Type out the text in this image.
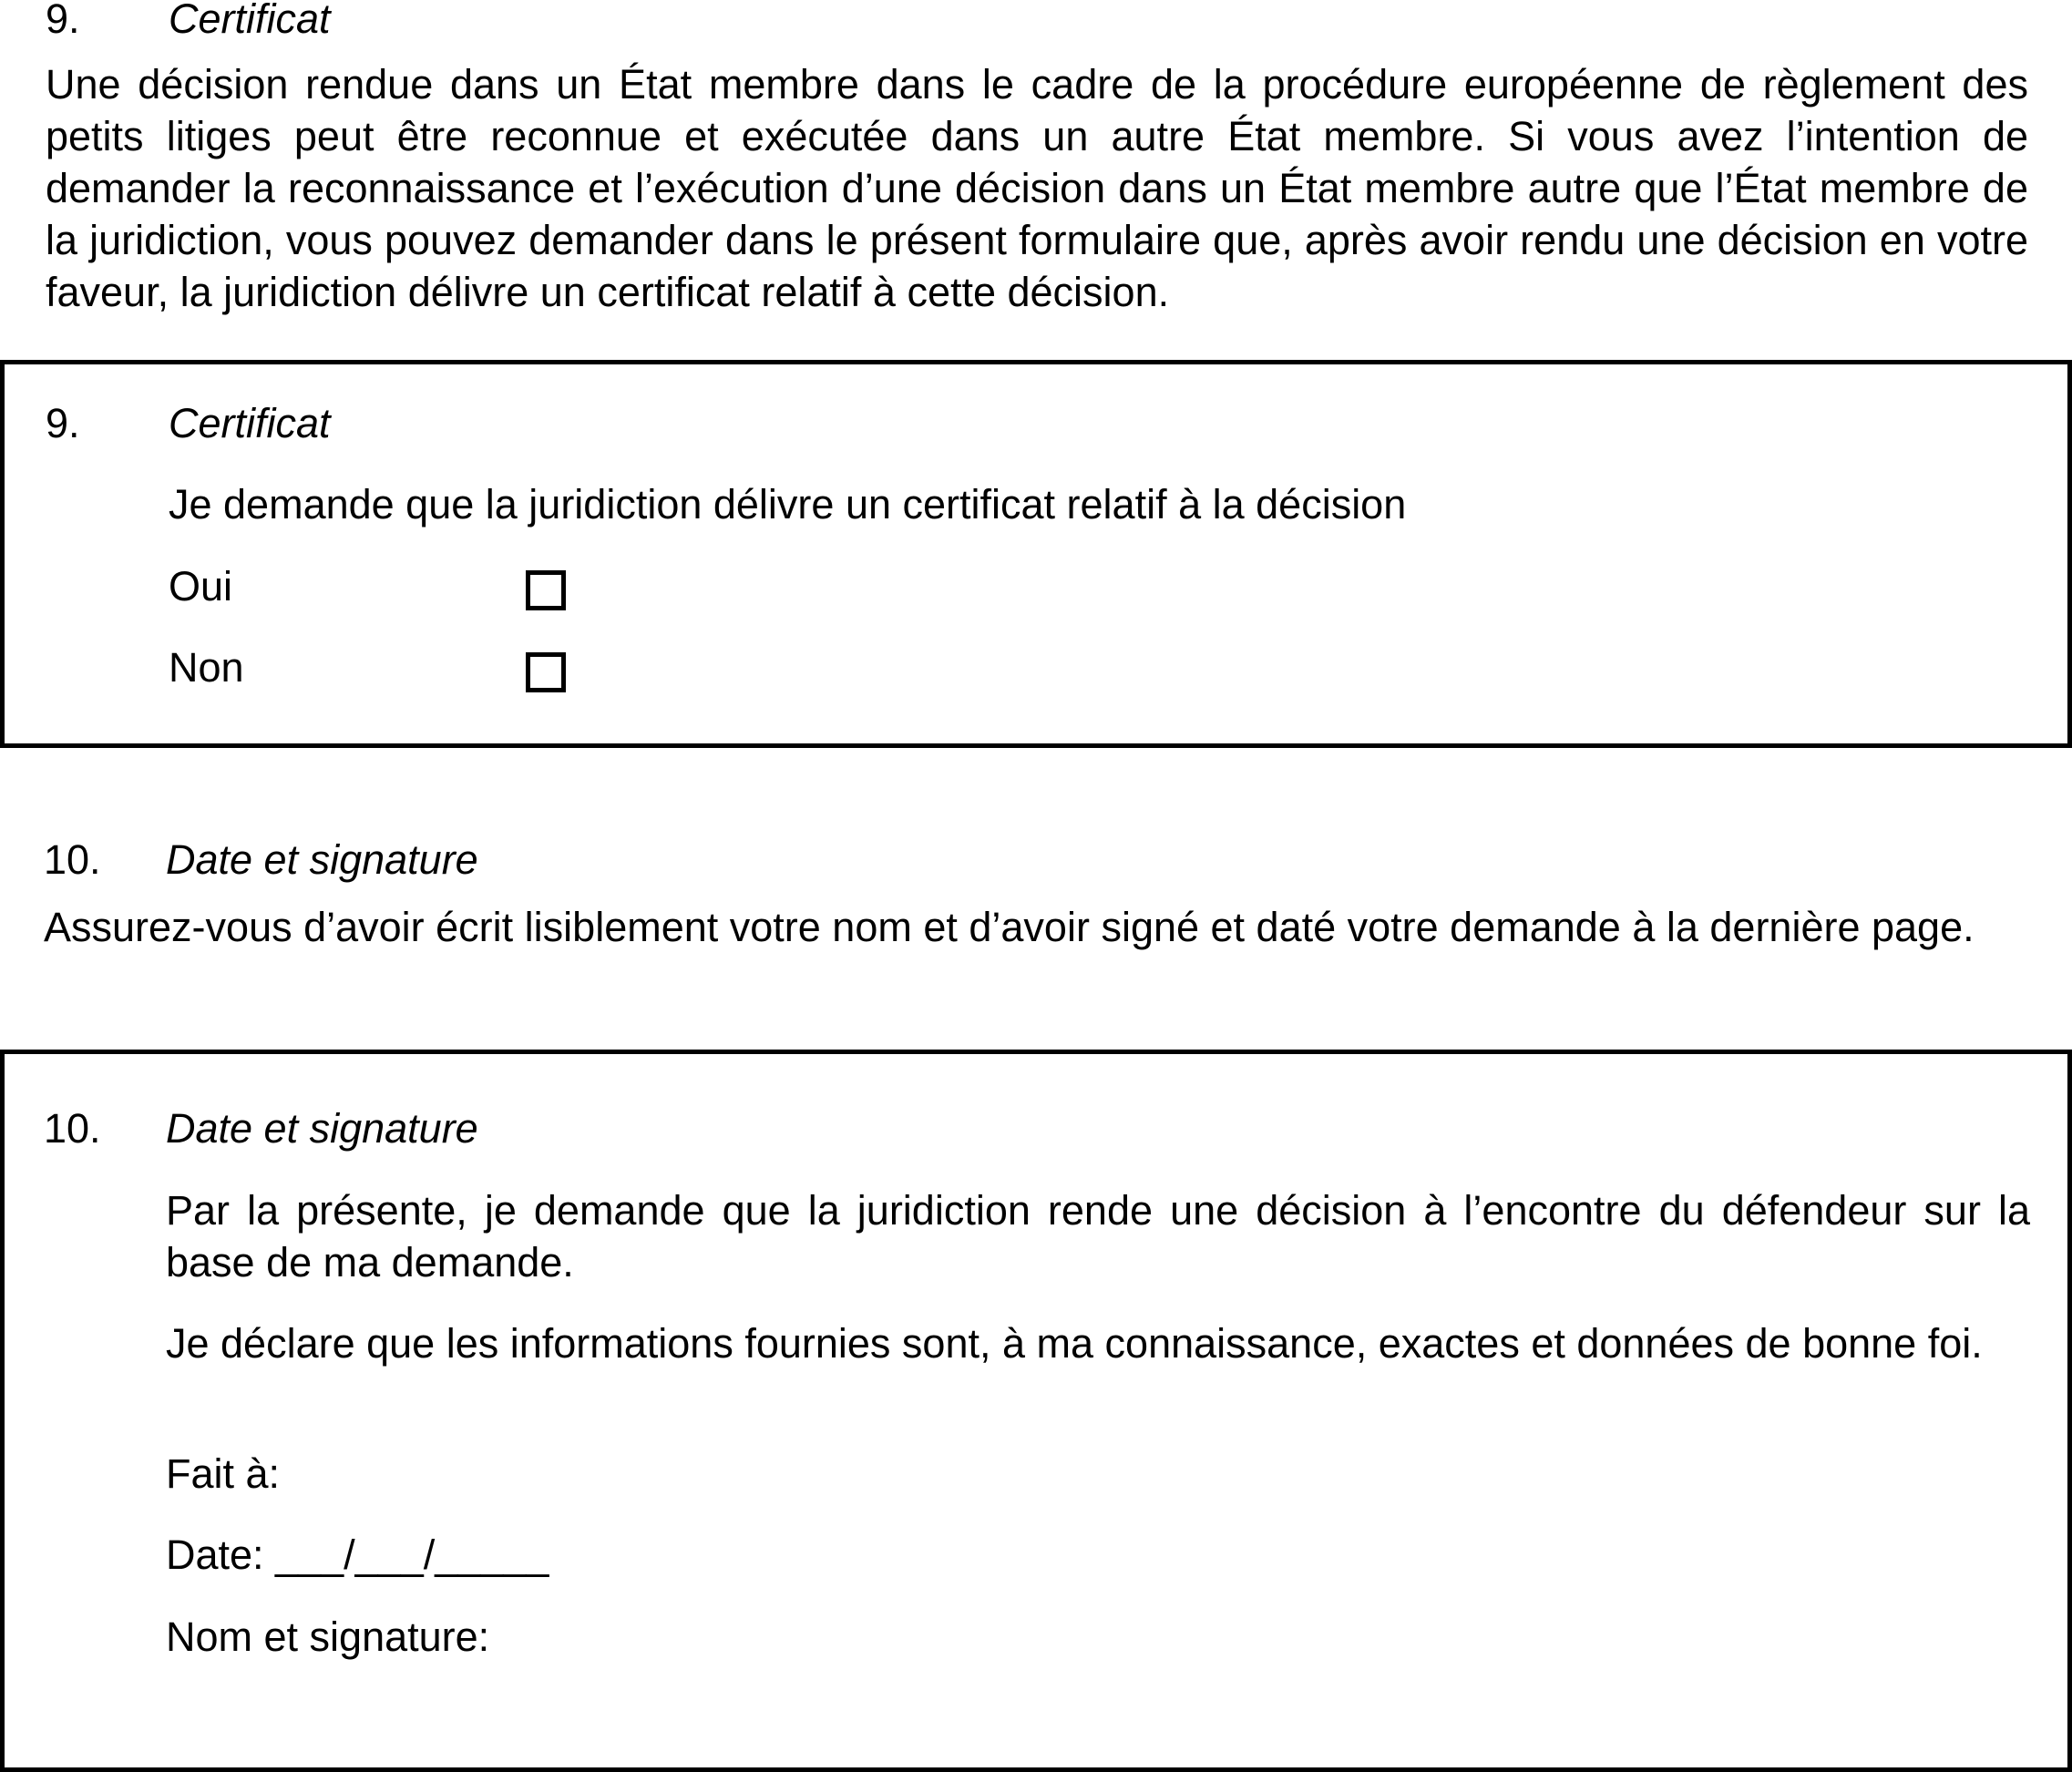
9. Certificat
Une décision rendue dans un État membre dans le cadre de la procédure européenne de règlement des petits litiges peut être reconnue et exécutée dans un autre État membre. Si vous avez l’intention de demander la reconnaissance et l’exécution d’une décision dans un État membre autre que l’État membre de la juridiction, vous pouvez demander dans le présent formulaire que, après avoir rendu une décision en votre faveur, la juridiction délivre un certificat relatif à cette décision.
9. Certificat
Je demande que la juridiction délivre un certificat relatif à la décision
Oui
Non
10. Date et signature
Assurez-vous d’avoir écrit lisiblement votre nom et d’avoir signé et daté votre demande à la dernière page.
10. Date et signature
Par la présente, je demande que la juridiction rende une décision à l’encontre du défendeur sur la base de ma demande.
Je déclare que les informations fournies sont, à ma connaissance, exactes et données de bonne foi.
Fait à:
Date: ___/___/_____
Nom et signature:
